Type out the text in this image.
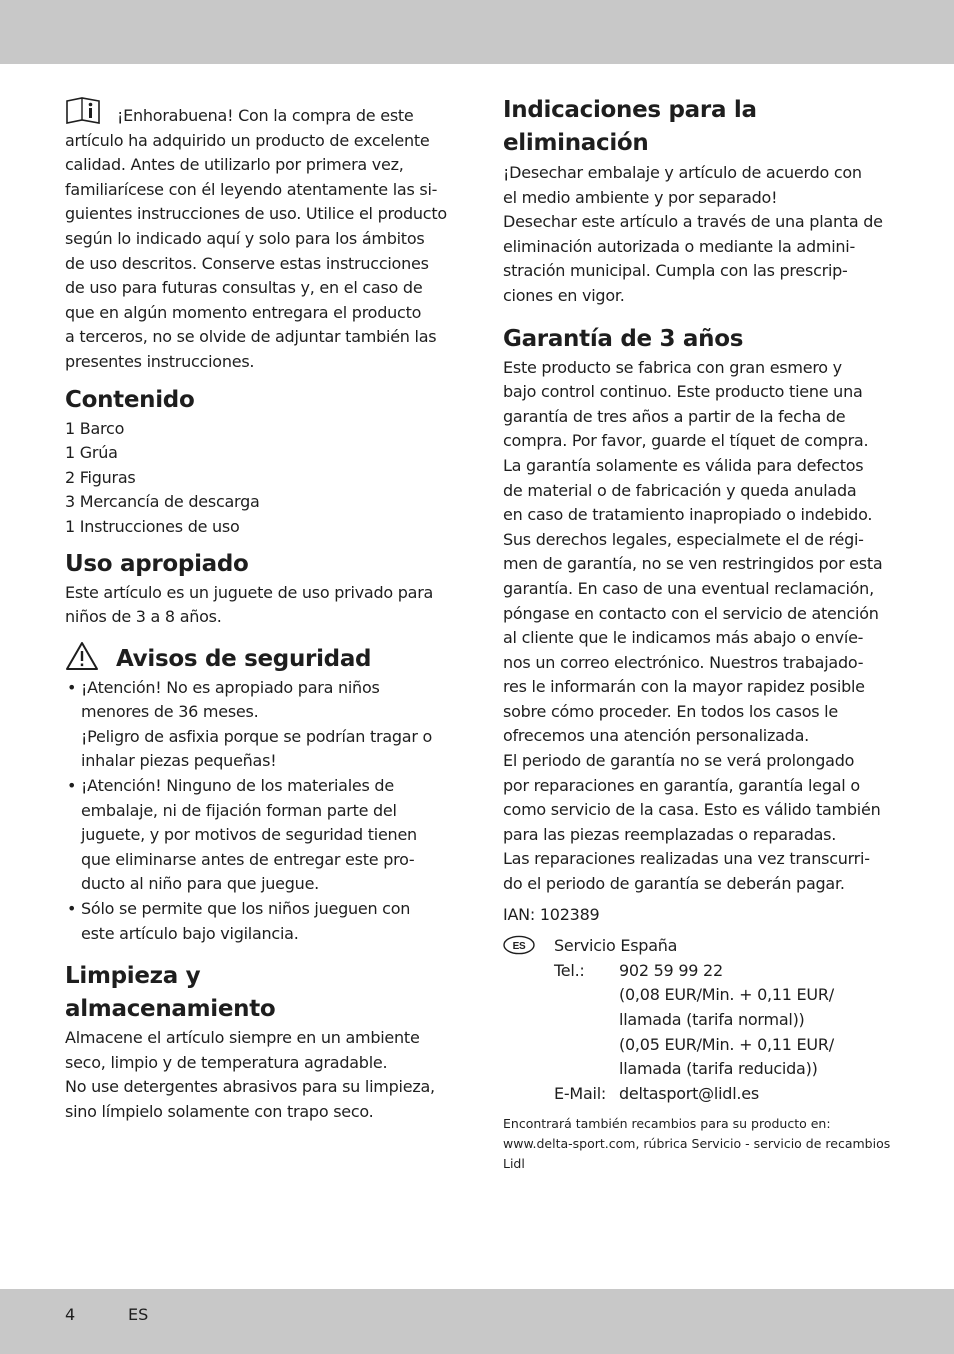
¡Enhorabuena! Con la compra de este
artículo ha adquirido un producto de excelente
calidad. Antes de utilizarlo por primera vez,
familiarícese con él leyendo atentamente las si-
guientes instrucciones de uso. Utilice el producto
según lo indicado aquí y solo para los ámbitos
de uso descritos. Conserve estas instrucciones
de uso para futuras consultas y, en el caso de
que en algún momento entregara el producto
a terceros, no se olvide de adjuntar también las
presentes instrucciones.

Contenido
1 Barco
1 Grúa
2 Figuras
3 Mercancía de descarga
1 Instrucciones de uso
Uso apropiado
Este artículo es un juguete de uso privado para
niños de 3 a 8 años.
Avisos de seguridad
• ¡Atención! No es apropiado para niños
menores de 36 meses.
¡Peligro de asfixia porque se podrían tragar o
inhalar piezas pequeñas!
• ¡Atención! Ninguno de los materiales de
embalaje, ni de fijación forman parte del
juguete, y por motivos de seguridad tienen
que eliminarse antes de entregar este pro-
ducto al niño para que juegue.
• Sólo se permite que los niños jueguen con
este artículo bajo vigilancia.
Limpieza y
almacenamiento
Almacene el artículo siempre en un ambiente
seco, limpio y de temperatura agradable.
No use detergentes abrasivos para su limpieza,
sino límpielo solamente con trapo seco.
Indicaciones para la
eliminación
¡Desechar embalaje y artículo de acuerdo con
el medio ambiente y por separado!
Desechar este artículo a través de una planta de
eliminación autorizada o mediante la admini-
stración municipal. Cumpla con las prescrip-
ciones en vigor.
Garantía de 3 años
Este producto se fabrica con gran esmero y
bajo control continuo. Este producto tiene una
garantía de tres años a partir de la fecha de
compra. Por favor, guarde el tíquet de compra.
La garantía solamente es válida para defectos
de material o de fabricación y queda anulada
en caso de tratamiento inapropiado o indebido.
Sus derechos legales, especialmete el de régi-
men de garantía, no se ven restringidos por esta
garantía. En caso de una eventual reclamación,
póngase en contacto con el servicio de atención
al cliente que le indicamos más abajo o envíe-
nos un correo electrónico. Nuestros trabajado-
res le informarán con la mayor rapidez posible
sobre cómo proceder. En todos los casos le
ofrecemos una atención personalizada.
El periodo de garantía no se verá prolongado
por reparaciones en garantía, garantía legal o
como servicio de la casa. Esto es válido también
para las piezas reemplazadas o reparadas.
Las reparaciones realizadas una vez transcurri-
do el periodo de garantía se deberán pagar.

IAN: 102389

ES Servicio España
Tel.:	902 59 99 22
(0,08 EUR/Min. + 0,11 EUR/
llamada (tarifa normal))
(0,05 EUR/Min. + 0,11 EUR/
llamada (tarifa reducida))
E-Mail: deltasport@lidl.es

Encontrará también recambios para su producto en:
www.delta-sport.com, rúbrica Servicio - servicio de recambios
Lidl

4	ES
